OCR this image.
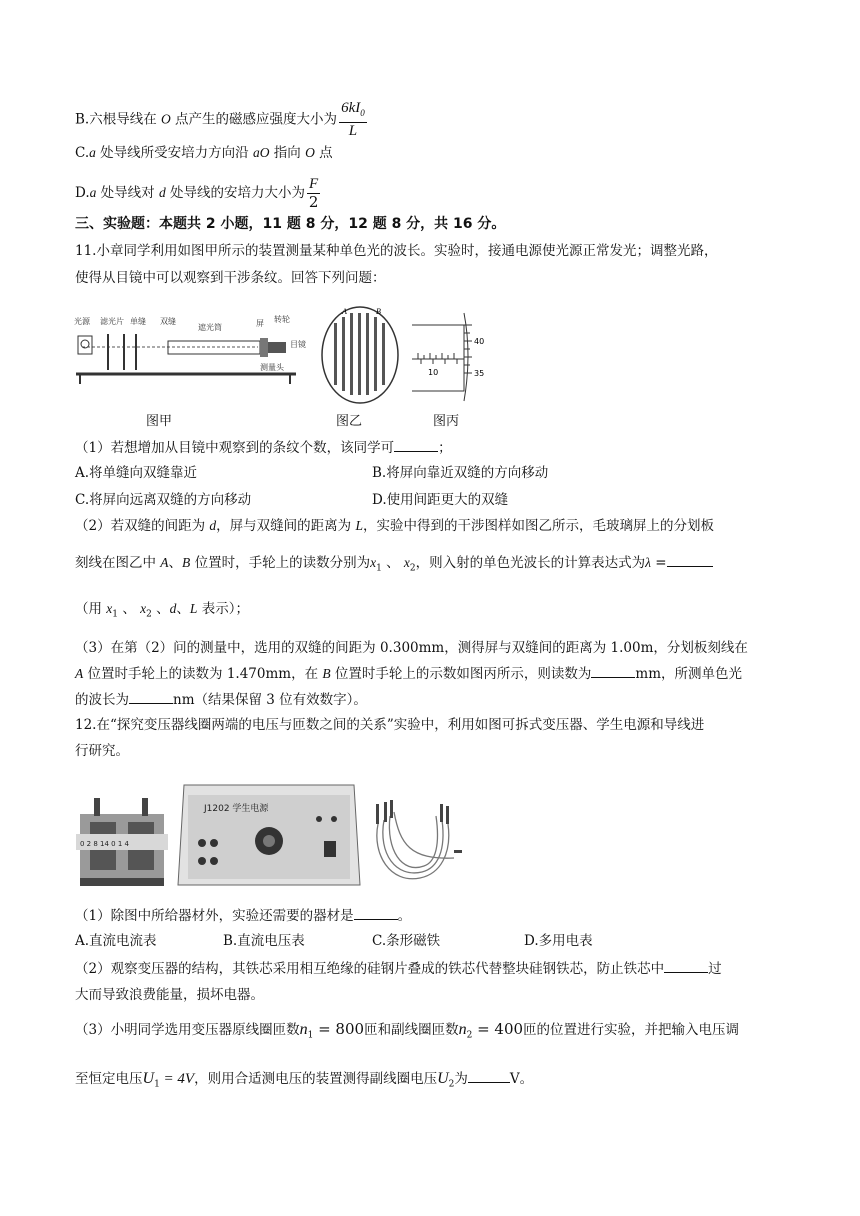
B.六根导线在 O 点产生的磁感应强度大小为 $\frac{6kI_0}{L}$
C.a 处导线所受安培力方向沿 aO 指向 O 点
D.a 处导线对 d 处导线的安培力大小为 $\frac{F}{2}$
三、实验题：本题共 2 小题，11 题 8 分，12 题 8 分，共 16 分。
11.小章同学利用如图甲所示的装置测量某种单色光的波长。实验时，接通电源使光源正常发光；调整光路，
使得从目镜中可以观察到干涉条纹。回答下列问题：
光源 滤光片 单缝 双缝
遮光筒	屏 转轮
目镜
测量头
A	B
40
35
10
图甲	图乙	图丙
（1）若想增加从目镜中观察到的条纹个数，该同学可	；
A.将单缝向双缝靠近	B.将屏向靠近双缝的方向移动
C.将屏向远离双缝的方向移动	D.使用间距更大的双缝
（2）若双缝的间距为 d，屏与双缝间的距离为 L，实验中得到的干涉图样如图乙所示，毛玻璃屏上的分划板
刻线在图乙中 A、B 位置时，手轮上的读数分别为$x_1$ 、 $x_2$，则入射的单色光波长的计算表达式为λ =
（用 $x_1$ 、 $x_2$ 、d、L 表示）；
（3）在第（2）问的测量中，选用的双缝的间距为 0.300mm，测得屏与双缝间的距离为 1.00m，分划板刻线在
A 位置时手轮上的读数为 1.470mm，在 B 位置时手轮上的示数如图丙所示，则读数为	mm，所测单色光
的波长为	nm（结果保留 3 位有效数字）。
12.在“探究变压器线圈两端的电压与匝数之间的关系”实验中，利用如图可拆式变压器、学生电源和导线进
行研究。
0 2 8 14 0 1 4
J1202 学生电源
（1）除图中所给器材外，实验还需要的器材是	。
A.直流电流表	B.直流电压表	C.条形磁铁	D.多用电表
（2）观察变压器的结构，其铁芯采用相互绝缘的硅钢片叠成的铁芯代替整块硅钢铁芯，防止铁芯中	过
大而导致浪费能量，损坏电器。
（3）小明同学选用变压器原线圈匝数$n_1 = 800$匝和副线圈匝数$n_2 = 400$匝的位置进行实验，并把输入电压调
至恒定电压$U_1 = 4V$，则用合适测电压的装置测得副线圈电压$U_2$为	V。
